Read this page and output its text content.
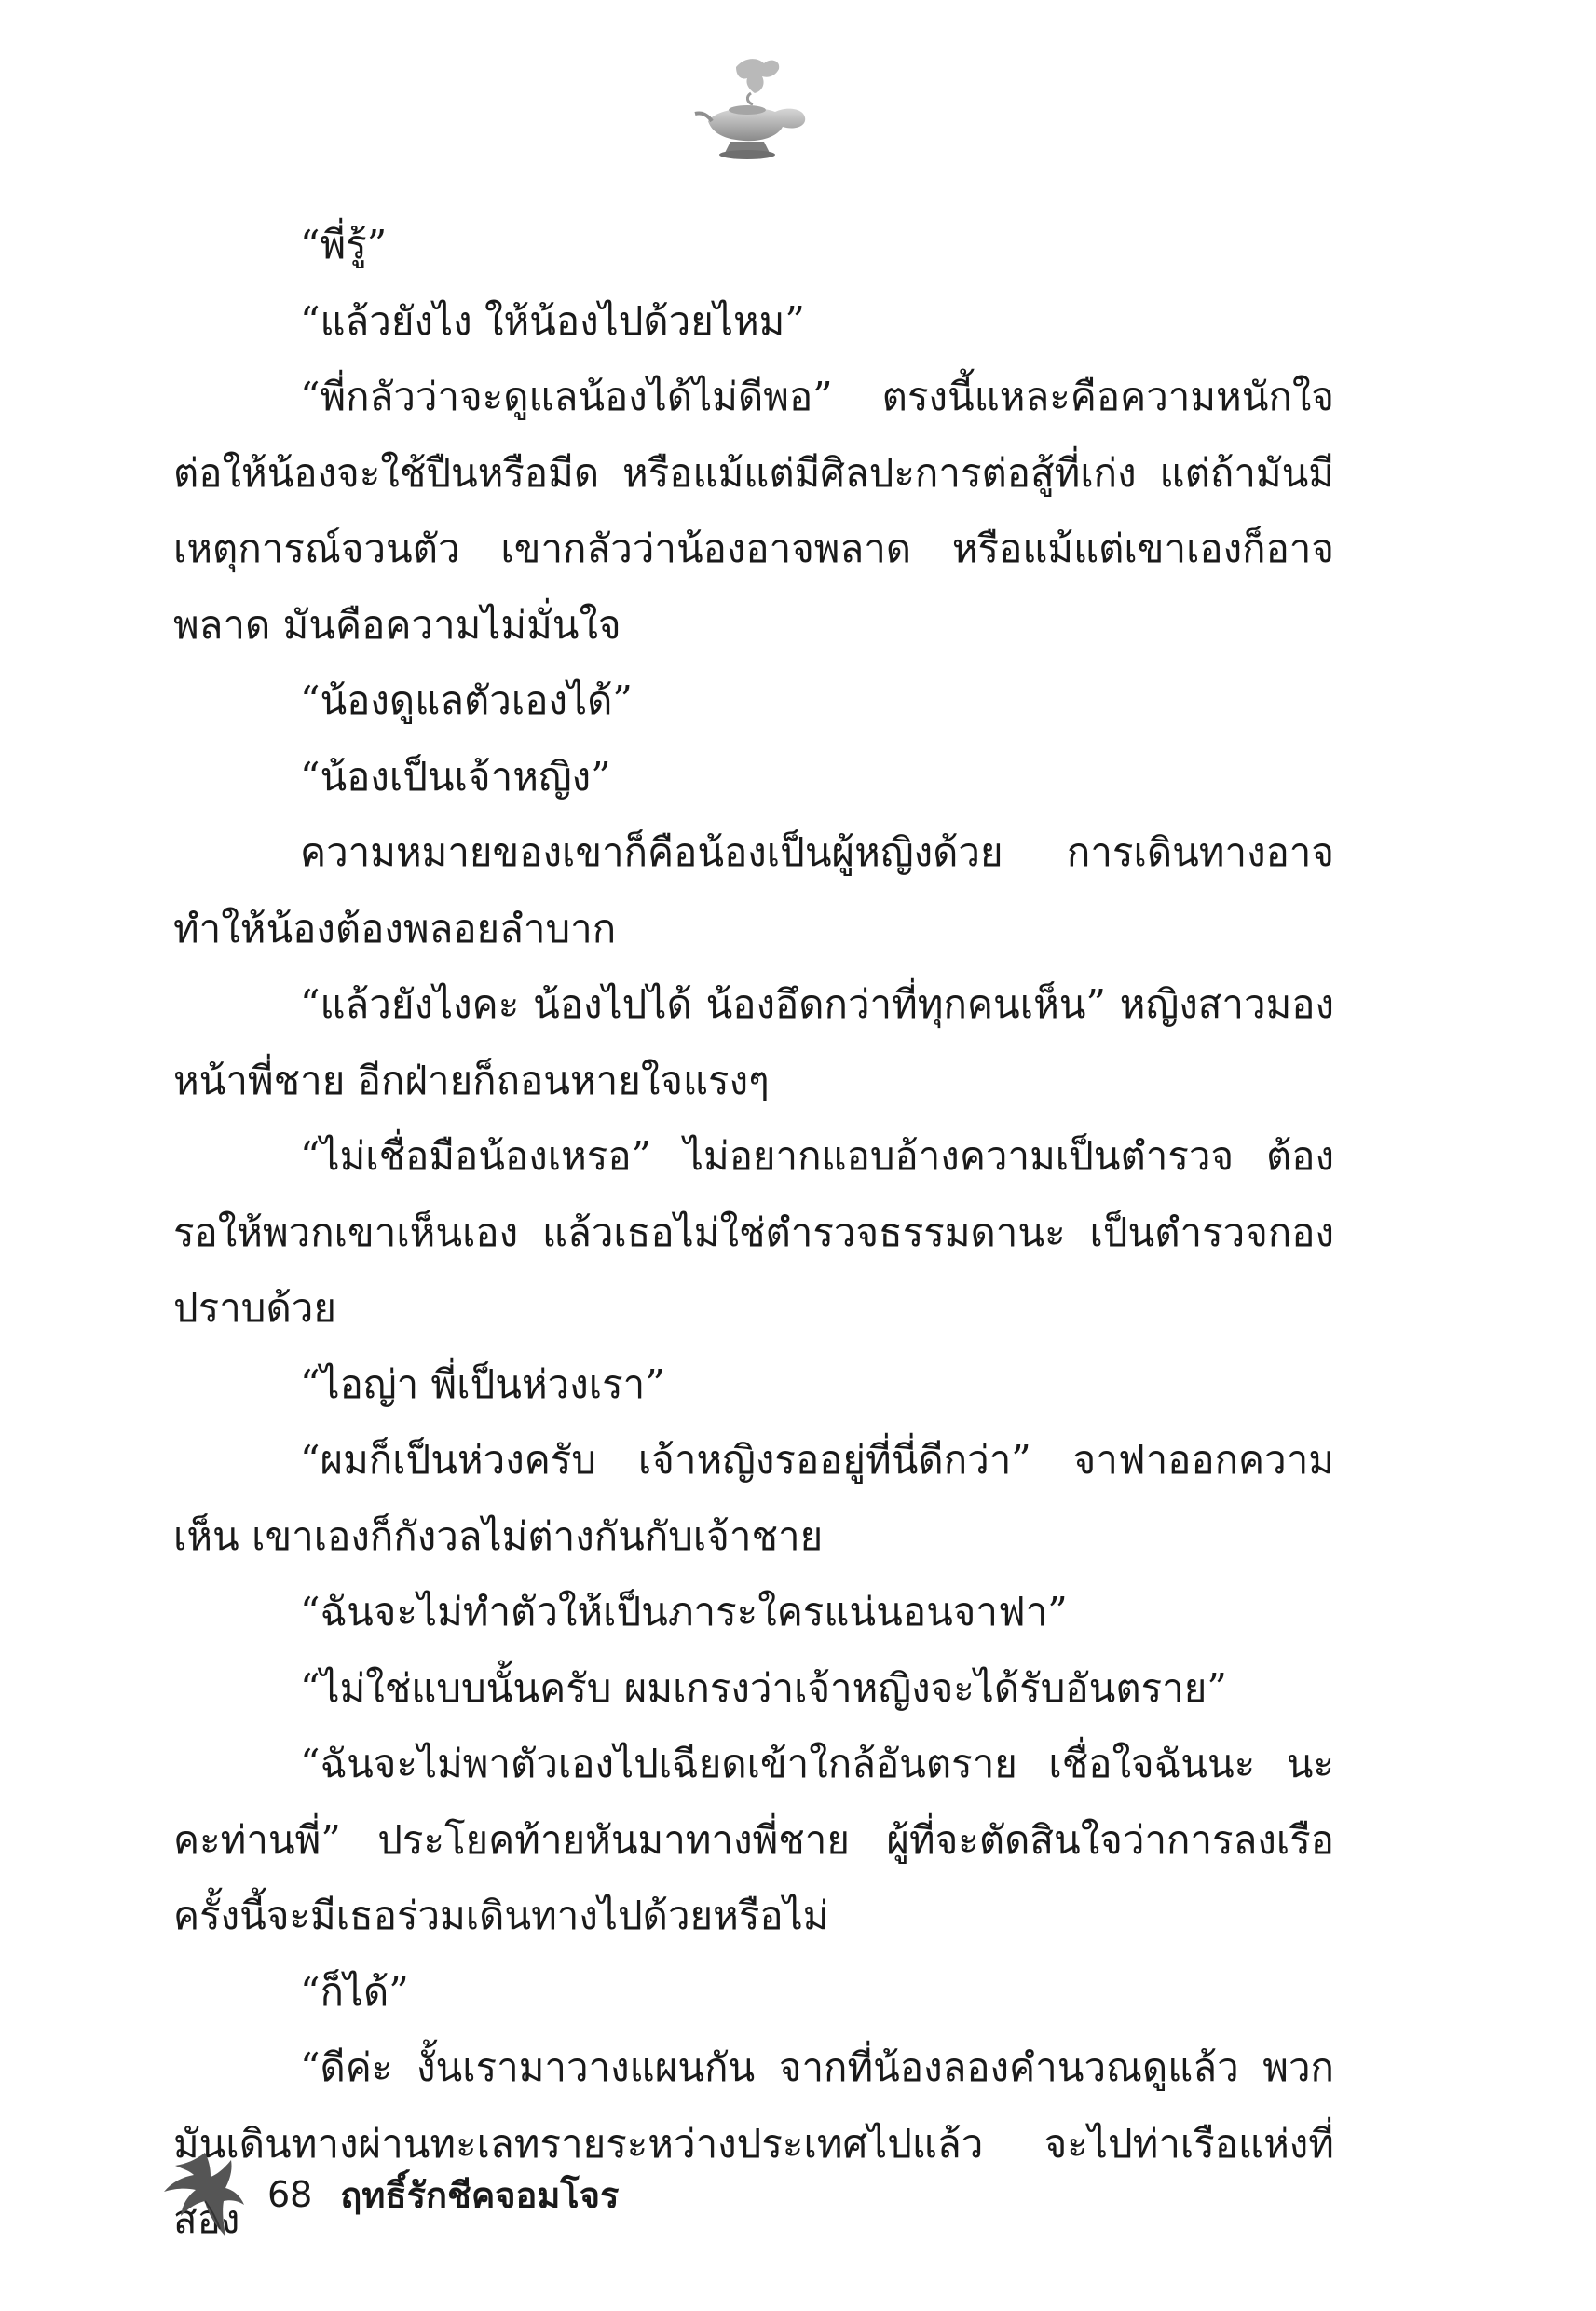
“พี่รู้”

“แล้วยังไง ให้น้องไปด้วยไหม”

“พี่กลัวว่าจะดูแลน้องได้ไม่ดีพอ” ตรงนี้แหละคือความหนักใจ ต่อให้น้องจะใช้ปืนหรือมีด หรือแม้แต่มีศิลปะการต่อสู้ที่เก่ง แต่ถ้ามันมีเหตุการณ์จวนตัว เขากลัวว่าน้องอาจพลาด หรือแม้แต่เขาเองก็อาจพลาด มันคือความไม่มั่นใจ

“น้องดูแลตัวเองได้”

“น้องเป็นเจ้าหญิง”

ความหมายของเขาก็คือน้องเป็นผู้หญิงด้วย การเดินทางอาจทำให้น้องต้องพลอยลำบาก

“แล้วยังไงคะ น้องไปได้ น้องอึดกว่าที่ทุกคนเห็น” หญิงสาวมองหน้าพี่ชาย อีกฝ่ายก็ถอนหายใจแรงๆ

“ไม่เชื่อมือน้องเหรอ” ไม่อยากแอบอ้างความเป็นตำรวจ ต้องรอให้พวกเขาเห็นเอง แล้วเธอไม่ใช่ตำรวจธรรมดานะ เป็นตำรวจกองปราบด้วย

“ไอญ่า พี่เป็นห่วงเรา”

“ผมก็เป็นห่วงครับ เจ้าหญิงรออยู่ที่นี่ดีกว่า” จาฟาออกความเห็น เขาเองก็กังวลไม่ต่างกันกับเจ้าชาย

“ฉันจะไม่ทำตัวให้เป็นภาระใครแน่นอนจาฟา”

“ไม่ใช่แบบนั้นครับ ผมเกรงว่าเจ้าหญิงจะได้รับอันตราย”

“ฉันจะไม่พาตัวเองไปเฉียดเข้าใกล้อันตราย เชื่อใจฉันนะ นะคะท่านพี่” ประโยคท้ายหันมาทางพี่ชาย ผู้ที่จะตัดสินใจว่าการลงเรือครั้งนี้จะมีเธอร่วมเดินทางไปด้วยหรือไม่

“ก็ได้”

“ดีค่ะ งั้นเรามาวางแผนกัน จากที่น้องลองคำนวณดูแล้ว พวกมันเดินทางผ่านทะเลทรายระหว่างประเทศไปแล้ว จะไปท่าเรือแห่งที่สอง

68 ฤทธิ์รักชีคจอมโจร
